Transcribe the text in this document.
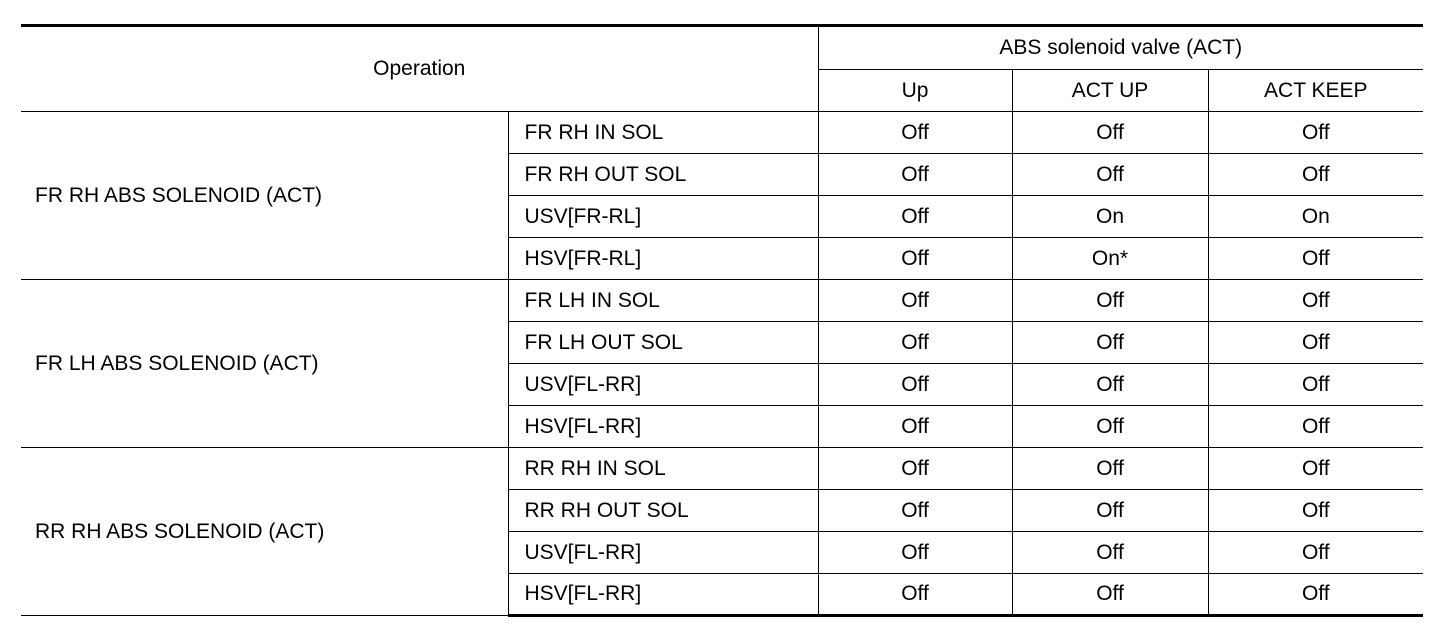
Operation		ABS solenoid valve (ACT)		
		Up	ACT UP	ACT KEEP
FR RH ABS SOLENOID (ACT)	FR RH IN SOL	Off	Off	Off
	FR RH OUT SOL	Off	Off	Off
	USV[FR-RL]	Off	On	On
	HSV[FR-RL]	Off	On*	Off
FR LH ABS SOLENOID (ACT)	FR LH IN SOL	Off	Off	Off
	FR LH OUT SOL	Off	Off	Off
	USV[FL-RR]	Off	Off	Off
	HSV[FL-RR]	Off	Off	Off
RR RH ABS SOLENOID (ACT)	RR RH IN SOL	Off	Off	Off
	RR RH OUT SOL	Off	Off	Off
	USV[FL-RR]	Off	Off	Off
	HSV[FL-RR]	Off	Off	Off
